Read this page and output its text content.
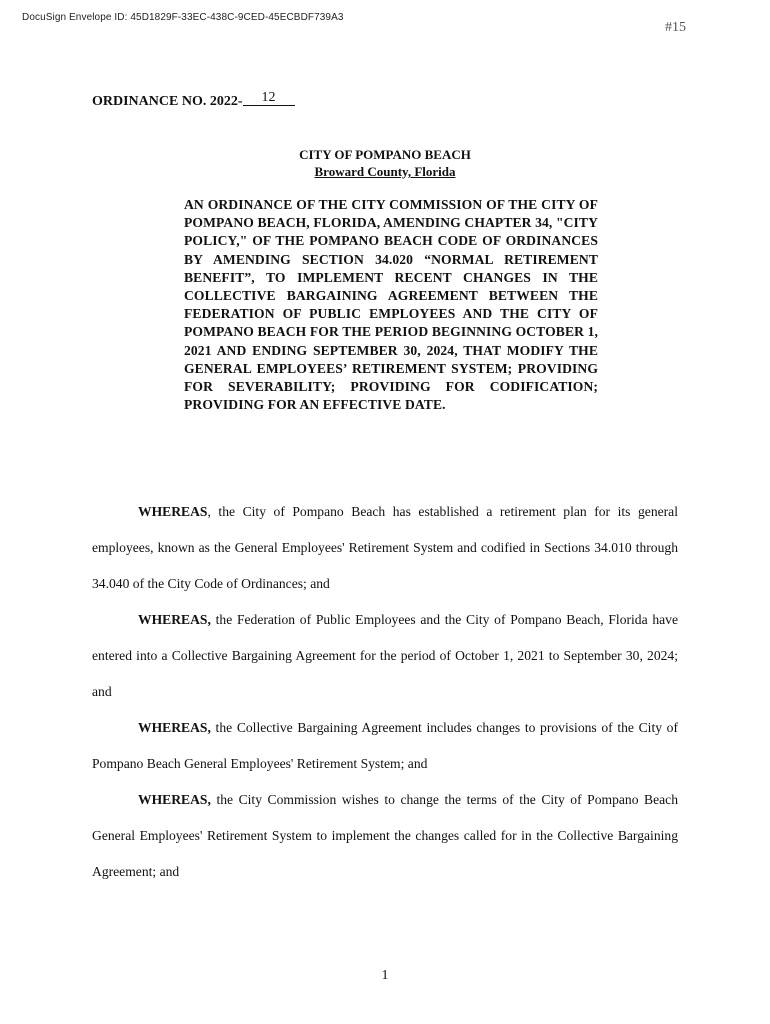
DocuSign Envelope ID: 45D1829F-33EC-438C-9CED-45ECBDF739A3
#15
ORDINANCE NO. 2022- 12
CITY OF POMPANO BEACH
Broward County, Florida
AN ORDINANCE OF THE CITY COMMISSION OF THE CITY OF POMPANO BEACH, FLORIDA, AMENDING CHAPTER 34, "CITY POLICY," OF THE POMPANO BEACH CODE OF ORDINANCES BY AMENDING SECTION 34.020 “NORMAL RETIREMENT BENEFIT”, TO IMPLEMENT RECENT CHANGES IN THE COLLECTIVE BARGAINING AGREEMENT BETWEEN THE FEDERATION OF PUBLIC EMPLOYEES AND THE CITY OF POMPANO BEACH FOR THE PERIOD BEGINNING OCTOBER 1, 2021 AND ENDING SEPTEMBER 30, 2024, THAT MODIFY THE GENERAL EMPLOYEES’ RETIREMENT SYSTEM; PROVIDING FOR SEVERABILITY; PROVIDING FOR CODIFICATION; PROVIDING FOR AN EFFECTIVE DATE.

WHEREAS, the City of Pompano Beach has established a retirement plan for its general employees, known as the General Employees' Retirement System and codified in Sections 34.010 through 34.040 of the City Code of Ordinances; and

WHEREAS, the Federation of Public Employees and the City of Pompano Beach, Florida have entered into a Collective Bargaining Agreement for the period of October 1, 2021 to September 30, 2024; and

WHEREAS, the Collective Bargaining Agreement includes changes to provisions of the City of Pompano Beach General Employees' Retirement System; and

WHEREAS, the City Commission wishes to change the terms of the City of Pompano Beach General Employees' Retirement System to implement the changes called for in the Collective Bargaining Agreement; and

1
